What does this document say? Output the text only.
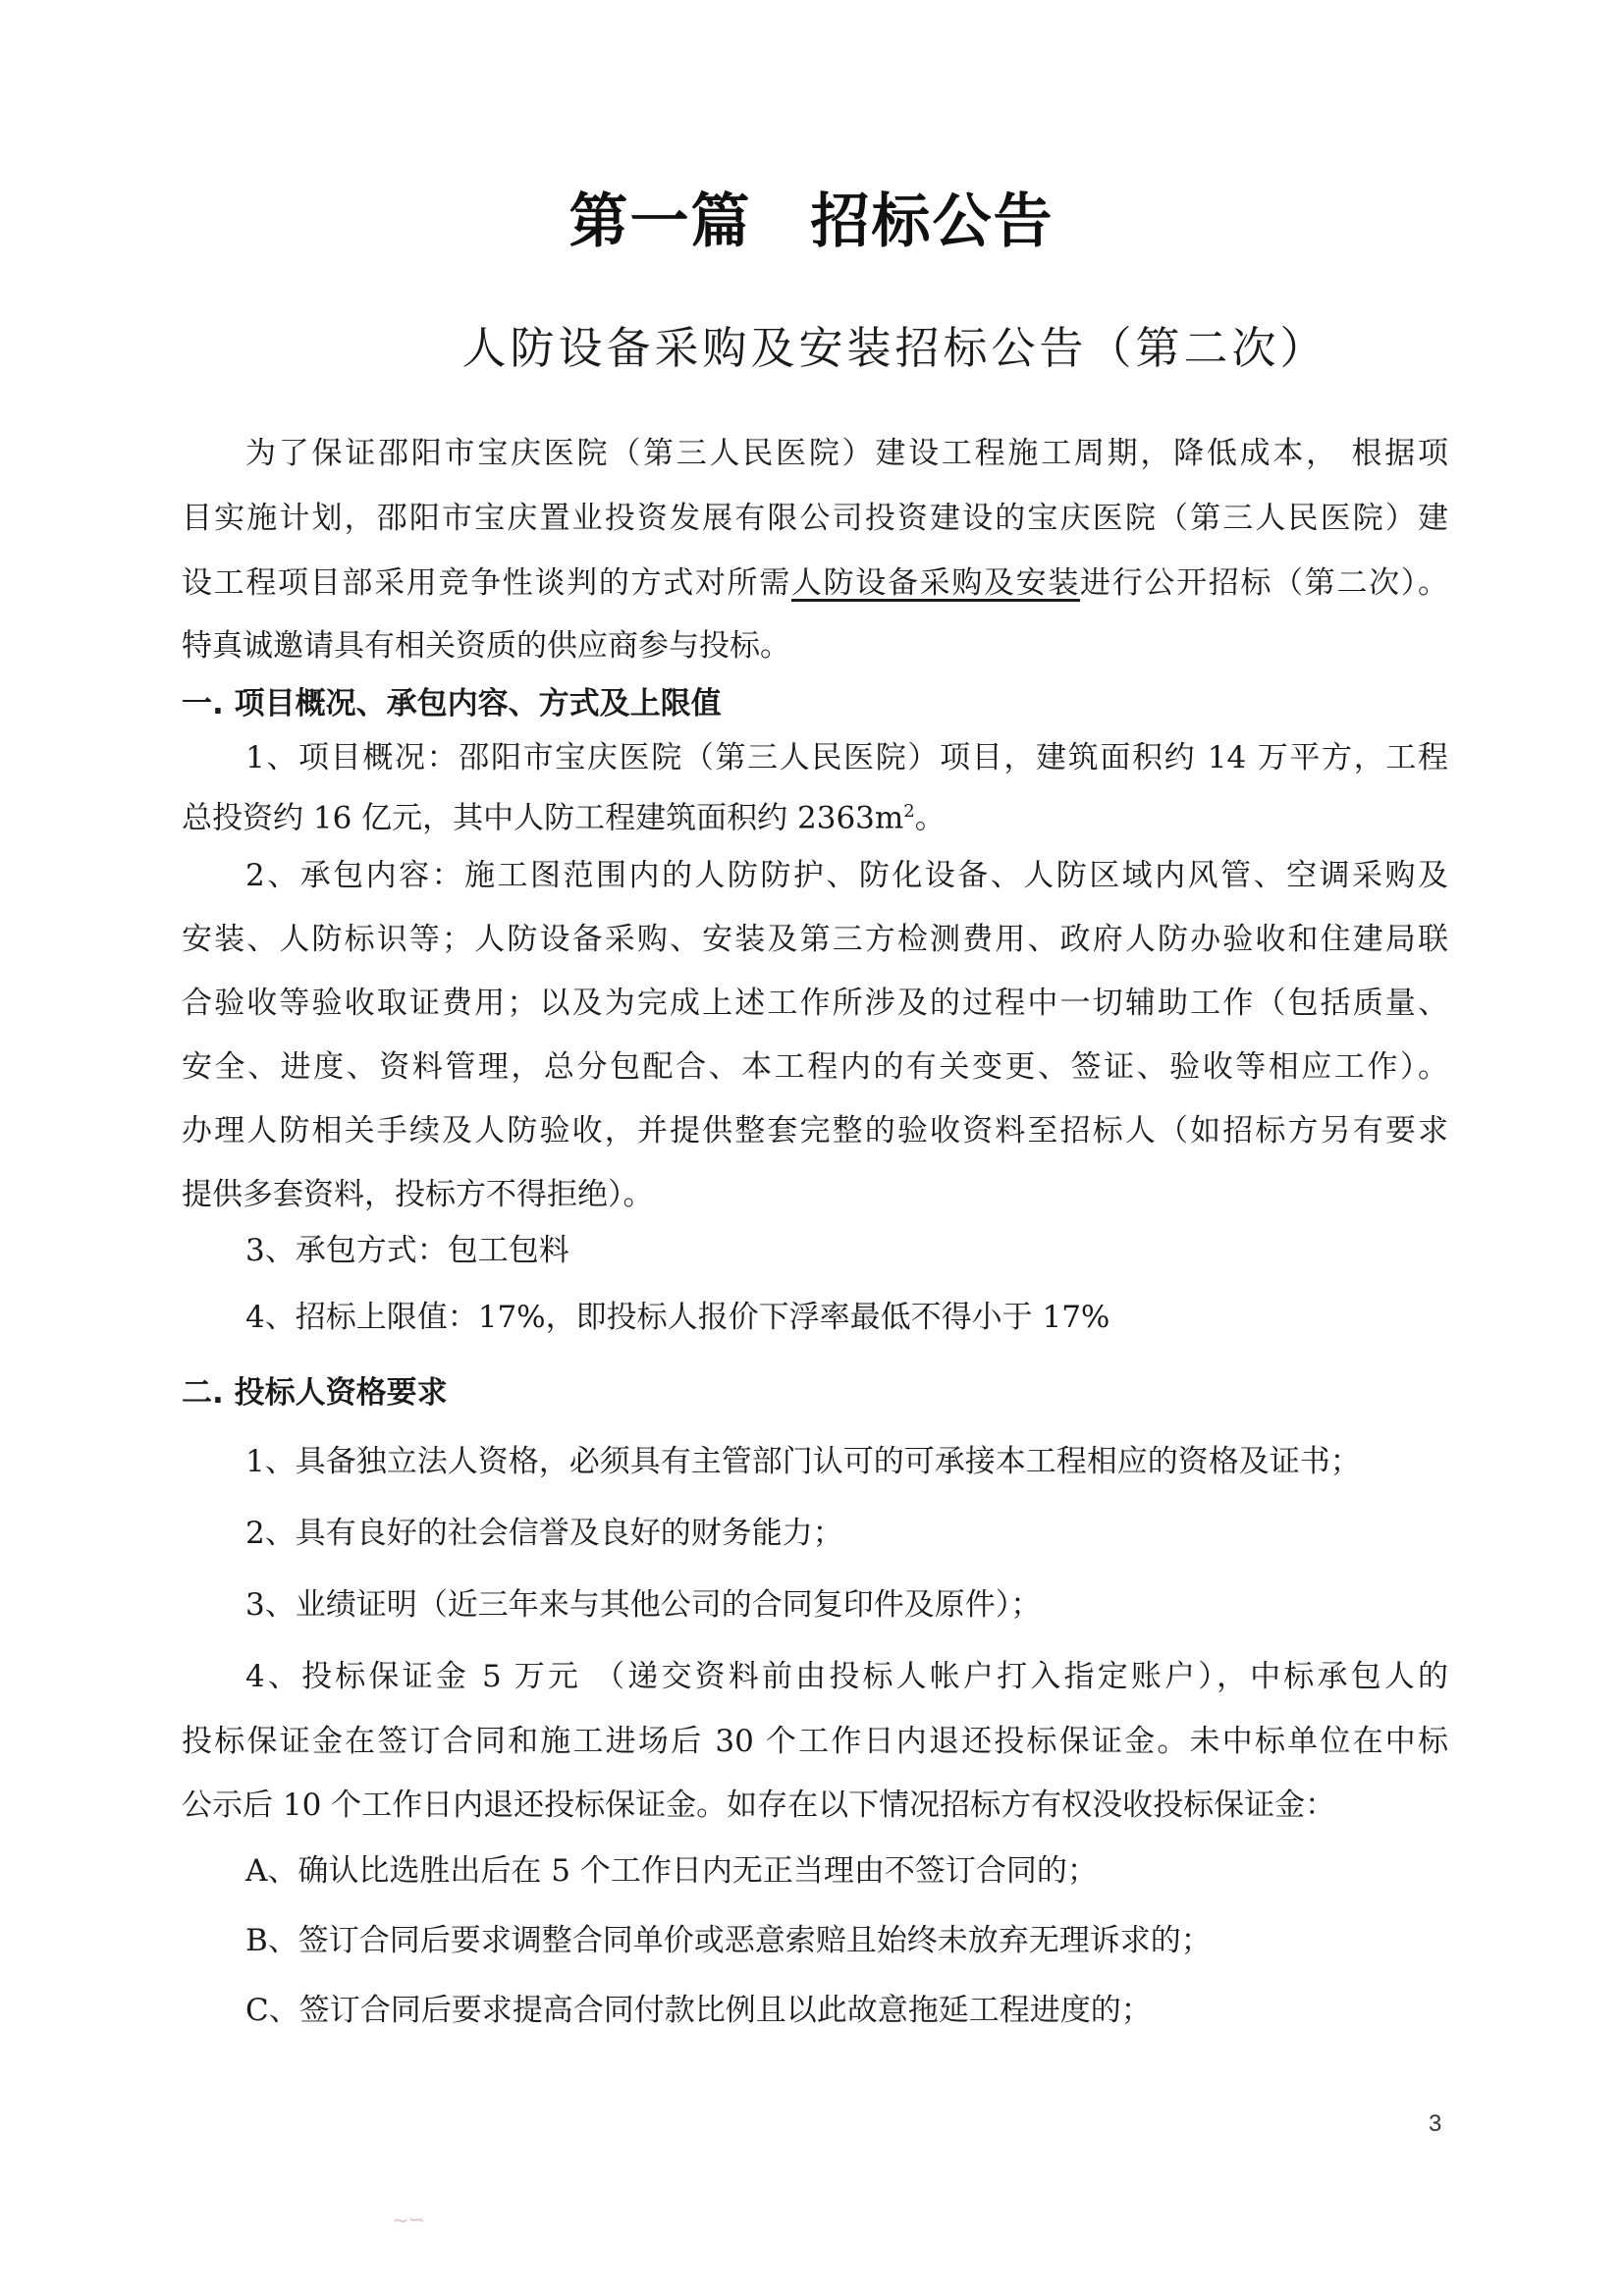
第一篇 招标公告
人防设备采购及安装招标公告（第二次）
为了保证邵阳市宝庆医院（第三人民医院）建设工程施工周期，降低成本， 根据项
目实施计划，邵阳市宝庆置业投资发展有限公司投资建设的宝庆医院（第三人民医院）建
设工程项目部采用竞争性谈判的方式对所需人防设备采购及安装进行公开招标（第二次）。
特真诚邀请具有相关资质的供应商参与投标。
一. 项目概况、承包内容、方式及上限值
1、项目概况：邵阳市宝庆医院（第三人民医院）项目，建筑面积约 14 万平方，工程
总投资约 16 亿元，其中人防工程建筑面积约 $2363m^2$。
2、承包内容：施工图范围内的人防防护、防化设备、人防区域内风管、空调采购及
安装、人防标识等；人防设备采购、安装及第三方检测费用、政府人防办验收和住建局联
合验收等验收取证费用；以及为完成上述工作所涉及的过程中一切辅助工作（包括质量、
安全、进度、资料管理，总分包配合、本工程内的有关变更、签证、验收等相应工作）。
办理人防相关手续及人防验收，并提供整套完整的验收资料至招标人（如招标方另有要求
提供多套资料，投标方不得拒绝）。
3、承包方式：包工包料
4、招标上限值：17%，即投标人报价下浮率最低不得小于 17%
二. 投标人资格要求
1、具备独立法人资格，必须具有主管部门认可的可承接本工程相应的资格及证书；
2、具有良好的社会信誉及良好的财务能力；
3、业绩证明（近三年来与其他公司的合同复印件及原件）；
4、投标保证金 5 万元 （递交资料前由投标人帐户打入指定账户），中标承包人的
投标保证金在签订合同和施工进场后 30 个工作日内退还投标保证金。未中标单位在中标
公示后 10 个工作日内退还投标保证金。如存在以下情况招标方有权没收投标保证金：
A、确认比选胜出后在 5 个工作日内无正当理由不签订合同的；
B、签订合同后要求调整合同单价或恶意索赔且始终未放弃无理诉求的；
C、签订合同后要求提高合同付款比例且以此故意拖延工程进度的；
3
